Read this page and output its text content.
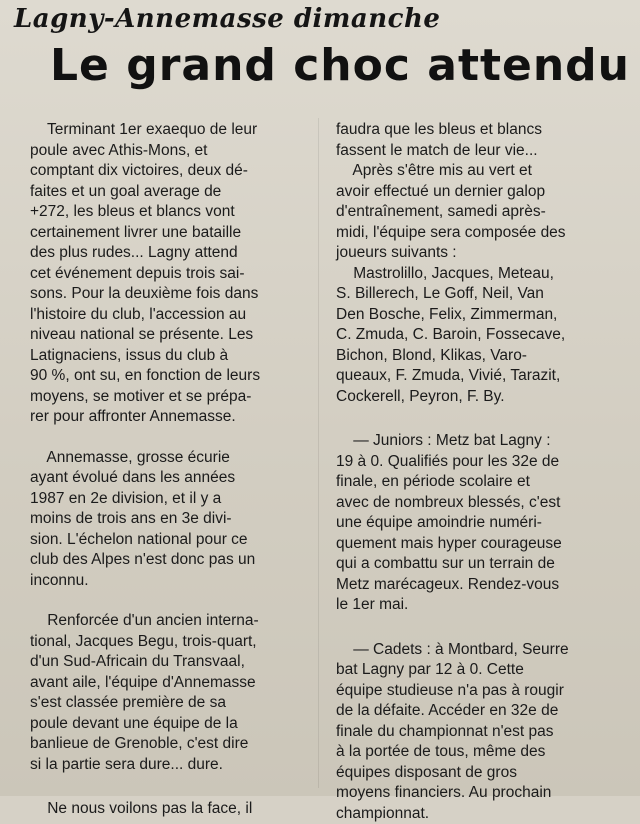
Lagny-Annemasse dimanche
Le grand choc attendu

Terminant 1er exaequo de leur
poule avec Athis-Mons, et
comptant dix victoires, deux dé-
faites et un goal average de
+272, les bleus et blancs vont
certainement livrer une bataille
des plus rudes... Lagny attend
cet événement depuis trois sai-
sons. Pour la deuxième fois dans
l'histoire du club, l'accession au
niveau national se présente. Les
Latignaciens, issus du club à
90 %, ont su, en fonction de leurs
moyens, se motiver et se prépa-
rer pour affronter Annemasse.

Annemasse, grosse écurie
ayant évolué dans les années
1987 en 2e division, et il y a
moins de trois ans en 3e divi-
sion. L'échelon national pour ce
club des Alpes n'est donc pas un
inconnu.

Renforcée d'un ancien interna-
tional, Jacques Begu, trois-quart,
d'un Sud-Africain du Transvaal,
avant aile, l'équipe d'Annemasse
s'est classée première de sa
poule devant une équipe de la
banlieue de Grenoble, c'est dire
si la partie sera dure... dure.

Ne nous voilons pas la face, il

faudra que les bleus et blancs
fassent le match de leur vie...
Après s'être mis au vert et
avoir effectué un dernier galop
d'entraînement, samedi après-
midi, l'équipe sera composée des
joueurs suivants :
Mastrolillo, Jacques, Meteau,
S. Billerech, Le Goff, Neil, Van
Den Bosche, Felix, Zimmerman,
C. Zmuda, C. Baroin, Fossecave,
Bichon, Blond, Klikas, Varo-
queaux, F. Zmuda, Vivié, Tarazit,
Cockerell, Peyron, F. By.

— Juniors : Metz bat Lagny :
19 à 0. Qualifiés pour les 32e de
finale, en période scolaire et
avec de nombreux blessés, c'est
une équipe amoindrie numéri-
quement mais hyper courageuse
qui a combattu sur un terrain de
Metz marécageux. Rendez-vous
le 1er mai.

— Cadets : à Montbard, Seurre
bat Lagny par 12 à 0. Cette
équipe studieuse n'a pas à rougir
de la défaite. Accéder en 32e de
finale du championnat n'est pas
à la portée de tous, même des
équipes disposant de gros
moyens financiers. Au prochain
championnat.
